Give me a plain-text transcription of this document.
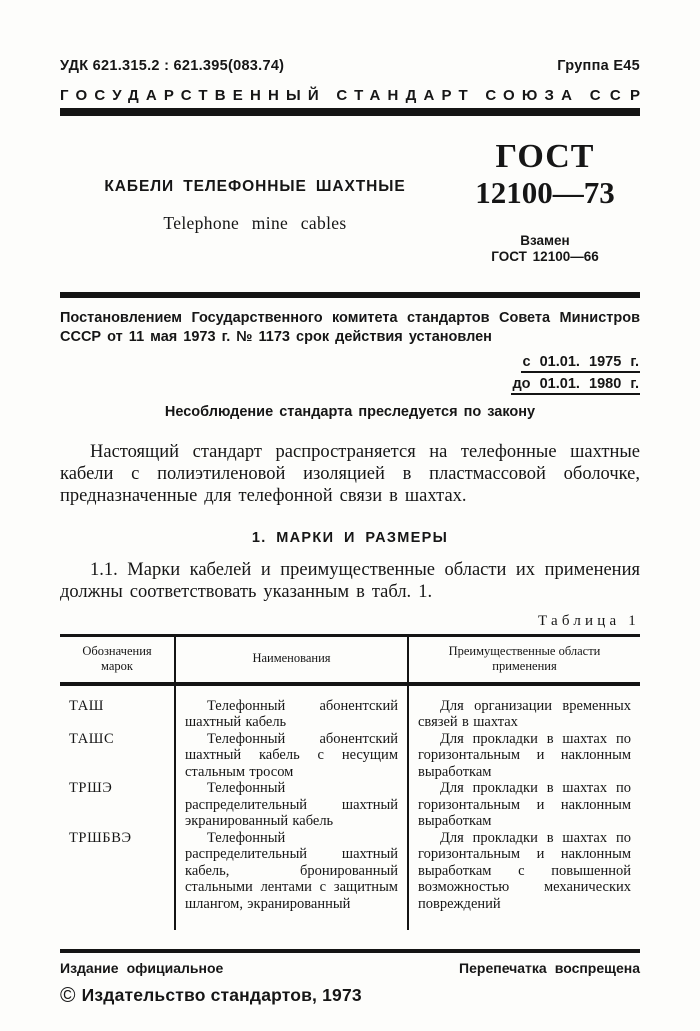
УДК 621.315.2 : 621.395(083.74)	Группа Е45
ГОСУДАРСТВЕННЫЙ СТАНДАРТ СОЮЗА ССР
КАБЕЛИ ТЕЛЕФОННЫЕ ШАХТНЫЕ
Telephone mine cables
ГОСТ
12100—73
Взамен
ГОСТ 12100—66
Постановлением Государственного комитета стандартов Совета Министров СССР от 11 мая 1973 г. № 1173 срок действия установлен
с 01.01. 1975 г.
до 01.01. 1980 г.
Несоблюдение стандарта преследуется по закону
Настоящий стандарт распространяется на телефонные шахтные кабели с полиэтиленовой изоляцией в пластмассовой оболочке, предназначенные для телефонной связи в шахтах.
1. МАРКИ И РАЗМЕРЫ
1.1. Марки кабелей и преимущественные области их применения должны соответствовать указанным в табл. 1.
Таблица 1
Обозначения марок	Наименования	Преимущественные области применения
ТАШ	Телефонный абонентский шахтный кабель	Для организации временных связей в шахтах

ТАШС	Телефонный абонентский шахтный кабель с несущим стальным тросом	Для прокладки в шахтах по горизонтальным и наклонным выработкам

ТРШЭ	Телефонный распределительный шахтный экранированный кабель	Для прокладки в шахтах по горизонтальным и наклонным выработкам

ТРШБВЭ	Телефонный распределительный шахтный кабель, бронированный стальными лентами с защитным шлангом, экранированный	Для прокладки в шахтах по горизонтальным и наклонным выработкам с повышенной возможностью механических повреждений

Издание официальное	Перепечатка воспрещена
© Издательство стандартов, 1973
